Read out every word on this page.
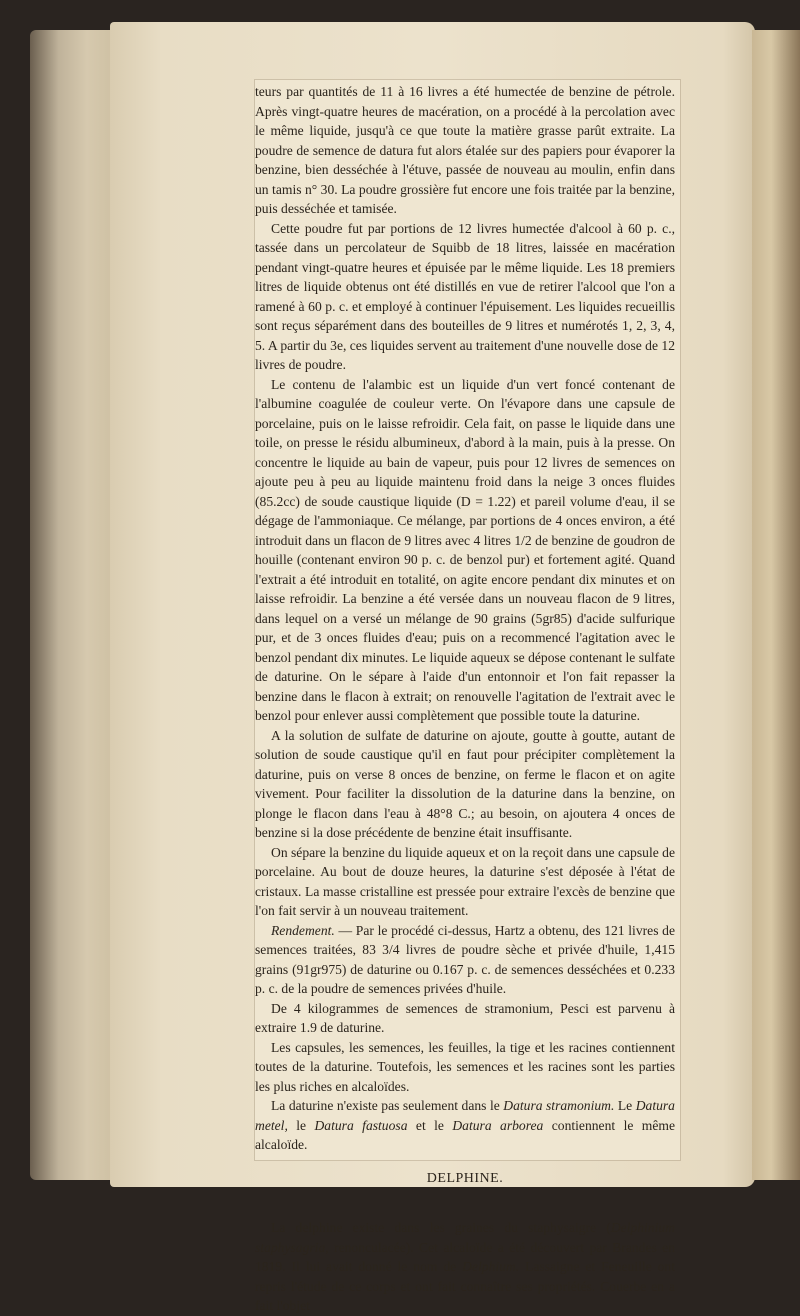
teurs par quantités de 11 à 16 livres a été humectée de benzine de pétrole. Après vingt-quatre heures de macération, on a procédé à la percolation avec le même liquide, jusqu'à ce que toute la matière grasse parût extraite. La poudre de semence de datura fut alors étalée sur des papiers pour évaporer la benzine, bien desséchée à l'étuve, passée de nouveau au moulin, enfin dans un tamis n° 30. La poudre grossière fut encore une fois traitée par la benzine, puis desséchée et tamisée.

Cette poudre fut par portions de 12 livres humectée d'alcool à 60 p. c., tassée dans un percolateur de Squibb de 18 litres, laissée en macération pendant vingt-quatre heures et épuisée par le même liquide. Les 18 premiers litres de liquide obtenus ont été distillés en vue de retirer l'alcool que l'on a ramené à 60 p. c. et employé à continuer l'épuisement. Les liquides recueillis sont reçus séparément dans des bouteilles de 9 litres et numérotés 1, 2, 3, 4, 5. A partir du 3e, ces liquides servent au traitement d'une nouvelle dose de 12 livres de poudre.

Le contenu de l'alambic est un liquide d'un vert foncé contenant de l'albumine coagulée de couleur verte. On l'évapore dans une capsule de porcelaine, puis on le laisse refroidir. Cela fait, on passe le liquide dans une toile, on presse le résidu albumineux, d'abord à la main, puis à la presse. On concentre le liquide au bain de vapeur, puis pour 12 livres de semences on ajoute peu à peu au liquide maintenu froid dans la neige 3 onces fluides (85.2cc) de soude caustique liquide (D = 1.22) et pareil volume d'eau, il se dégage de l'ammoniaque. Ce mélange, par portions de 4 onces environ, a été introduit dans un flacon de 9 litres avec 4 litres 1/2 de benzine de goudron de houille (contenant environ 90 p. c. de benzol pur) et fortement agité. Quand l'extrait a été introduit en totalité, on agite encore pendant dix minutes et on laisse refroidir. La benzine a été versée dans un nouveau flacon de 9 litres, dans lequel on a versé un mélange de 90 grains (5gr85) d'acide sulfurique pur, et de 3 onces fluides d'eau; puis on a recommencé l'agitation avec le benzol pendant dix minutes. Le liquide aqueux se dépose contenant le sulfate de daturine. On le sépare à l'aide d'un entonnoir et l'on fait repasser la benzine dans le flacon à extrait; on renouvelle l'agitation de l'extrait avec le benzol pour enlever aussi complètement que possible toute la daturine.

A la solution de sulfate de daturine on ajoute, goutte à goutte, autant de solution de soude caustique qu'il en faut pour précipiter complètement la daturine, puis on verse 8 onces de benzine, on ferme le flacon et on agite vivement. Pour faciliter la dissolution de la daturine dans la benzine, on plonge le flacon dans l'eau à 48°8 C.; au besoin, on ajoutera 4 onces de benzine si la dose précédente de benzine était insuffisante.

On sépare la benzine du liquide aqueux et on la reçoit dans une capsule de porcelaine. Au bout de douze heures, la daturine s'est déposée à l'état de cristaux. La masse cristalline est pressée pour extraire l'excès de benzine que l'on fait servir à un nouveau traitement.

Rendement. — Par le procédé ci-dessus, Hartz a obtenu, des 121 livres de semences traitées, 83 3/4 livres de poudre sèche et privée d'huile, 1,415 grains (91gr975) de daturine ou 0.167 p. c. de semences desséchées et 0.233 p. c. de la poudre de semences privées d'huile.

De 4 kilogrammes de semences de stramonium, Pesci est parvenu à extraire 1.9 de daturine.

Les capsules, les semences, les feuilles, la tige et les racines contiennent toutes de la daturine. Toutefois, les semences et les racines sont les parties les plus riches en alcaloïdes.

La daturine n'existe pas seulement dans le Datura stramonium. Le Datura metel, le Datura fastuosa et le Datura arborea contiennent le même alcaloïde.

DELPHINE.

La delphine existe dans les graines du staphysaigre (Delphinium staphysagria, renonculacée). Cet alcaloïde a été découvert par Brandes en 1819. Il lui avait donné le nom de Delphium. Lassaigne et Feneuille ont repris l'étude de ce corps et ont fait connaître ses propriétés. Couerbe en a fait l'objet
